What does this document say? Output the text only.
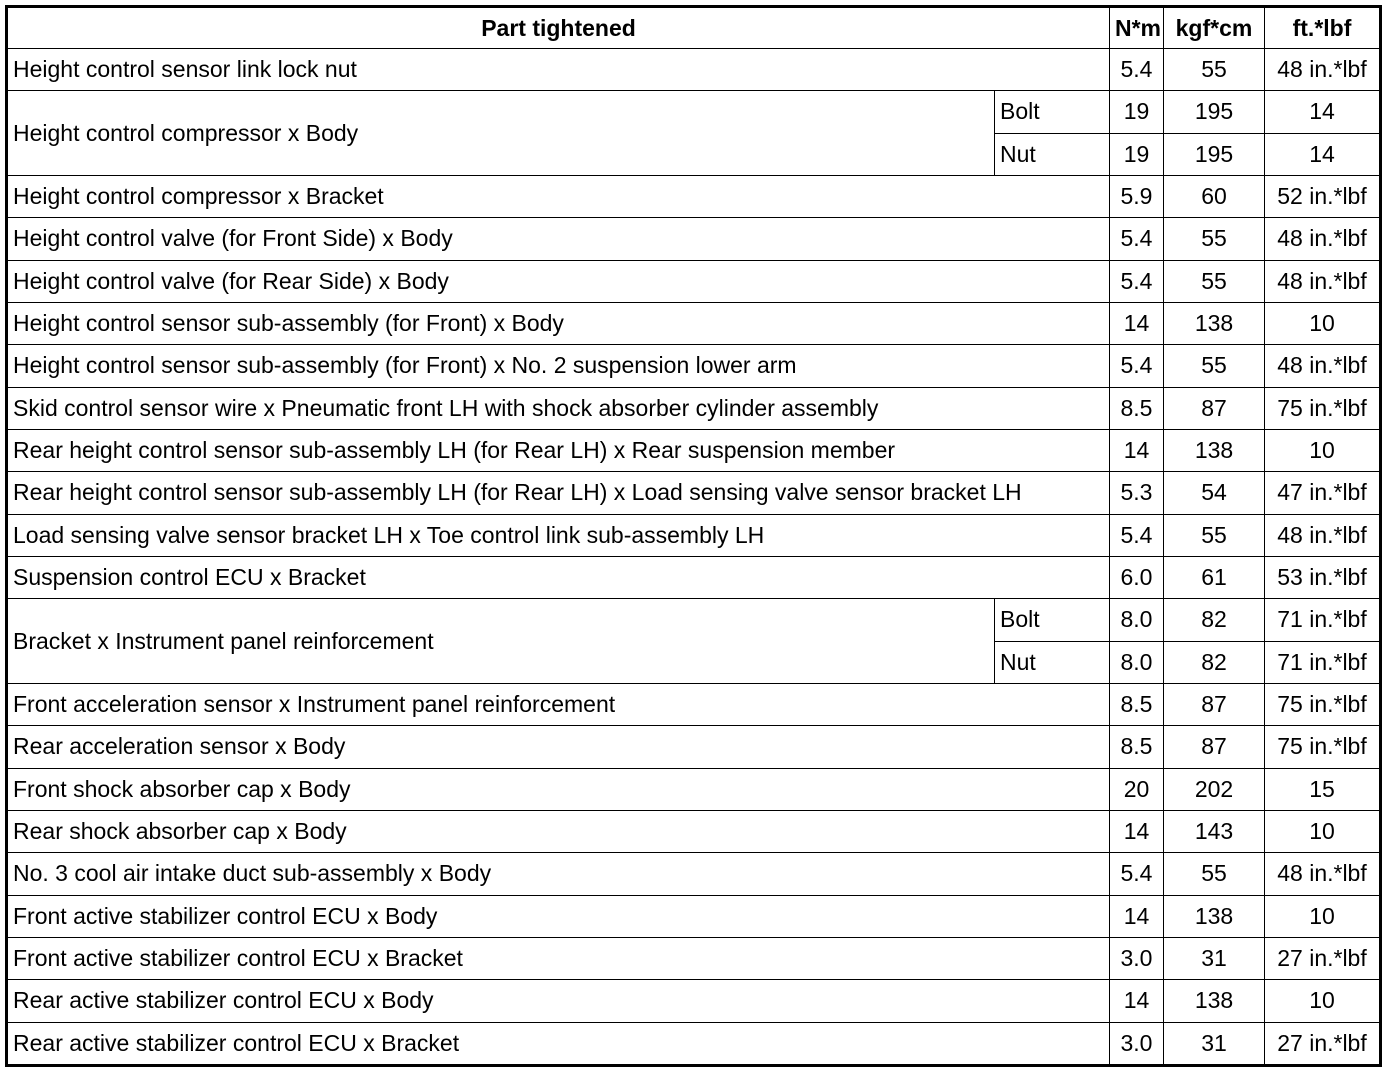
Part tightened		N*m	kgf*cm	ft.*lbf
Height control sensor link lock nut		5.4	55	48 in.*lbf
Height control compressor x Body	Bolt	19	195	14
	Nut	19	195	14
Height control compressor x Bracket		5.9	60	52 in.*lbf
Height control valve (for Front Side) x Body		5.4	55	48 in.*lbf
Height control valve (for Rear Side) x Body		5.4	55	48 in.*lbf
Height control sensor sub-assembly (for Front) x Body		14	138	10
Height control sensor sub-assembly (for Front) x No. 2 suspension lower arm		5.4	55	48 in.*lbf
Skid control sensor wire x Pneumatic front LH with shock absorber cylinder assembly		8.5	87	75 in.*lbf
Rear height control sensor sub-assembly LH (for Rear LH) x Rear suspension member		14	138	10
Rear height control sensor sub-assembly LH (for Rear LH) x Load sensing valve sensor bracket LH		5.3	54	47 in.*lbf
Load sensing valve sensor bracket LH x Toe control link sub-assembly LH		5.4	55	48 in.*lbf
Suspension control ECU x Bracket		6.0	61	53 in.*lbf
Bracket x Instrument panel reinforcement	Bolt	8.0	82	71 in.*lbf
	Nut	8.0	82	71 in.*lbf
Front acceleration sensor x Instrument panel reinforcement		8.5	87	75 in.*lbf
Rear acceleration sensor x Body		8.5	87	75 in.*lbf
Front shock absorber cap x Body		20	202	15
Rear shock absorber cap x Body		14	143	10
No. 3 cool air intake duct sub-assembly x Body		5.4	55	48 in.*lbf
Front active stabilizer control ECU x Body		14	138	10
Front active stabilizer control ECU x Bracket		3.0	31	27 in.*lbf
Rear active stabilizer control ECU x Body		14	138	10
Rear active stabilizer control ECU x Bracket		3.0	31	27 in.*lbf
